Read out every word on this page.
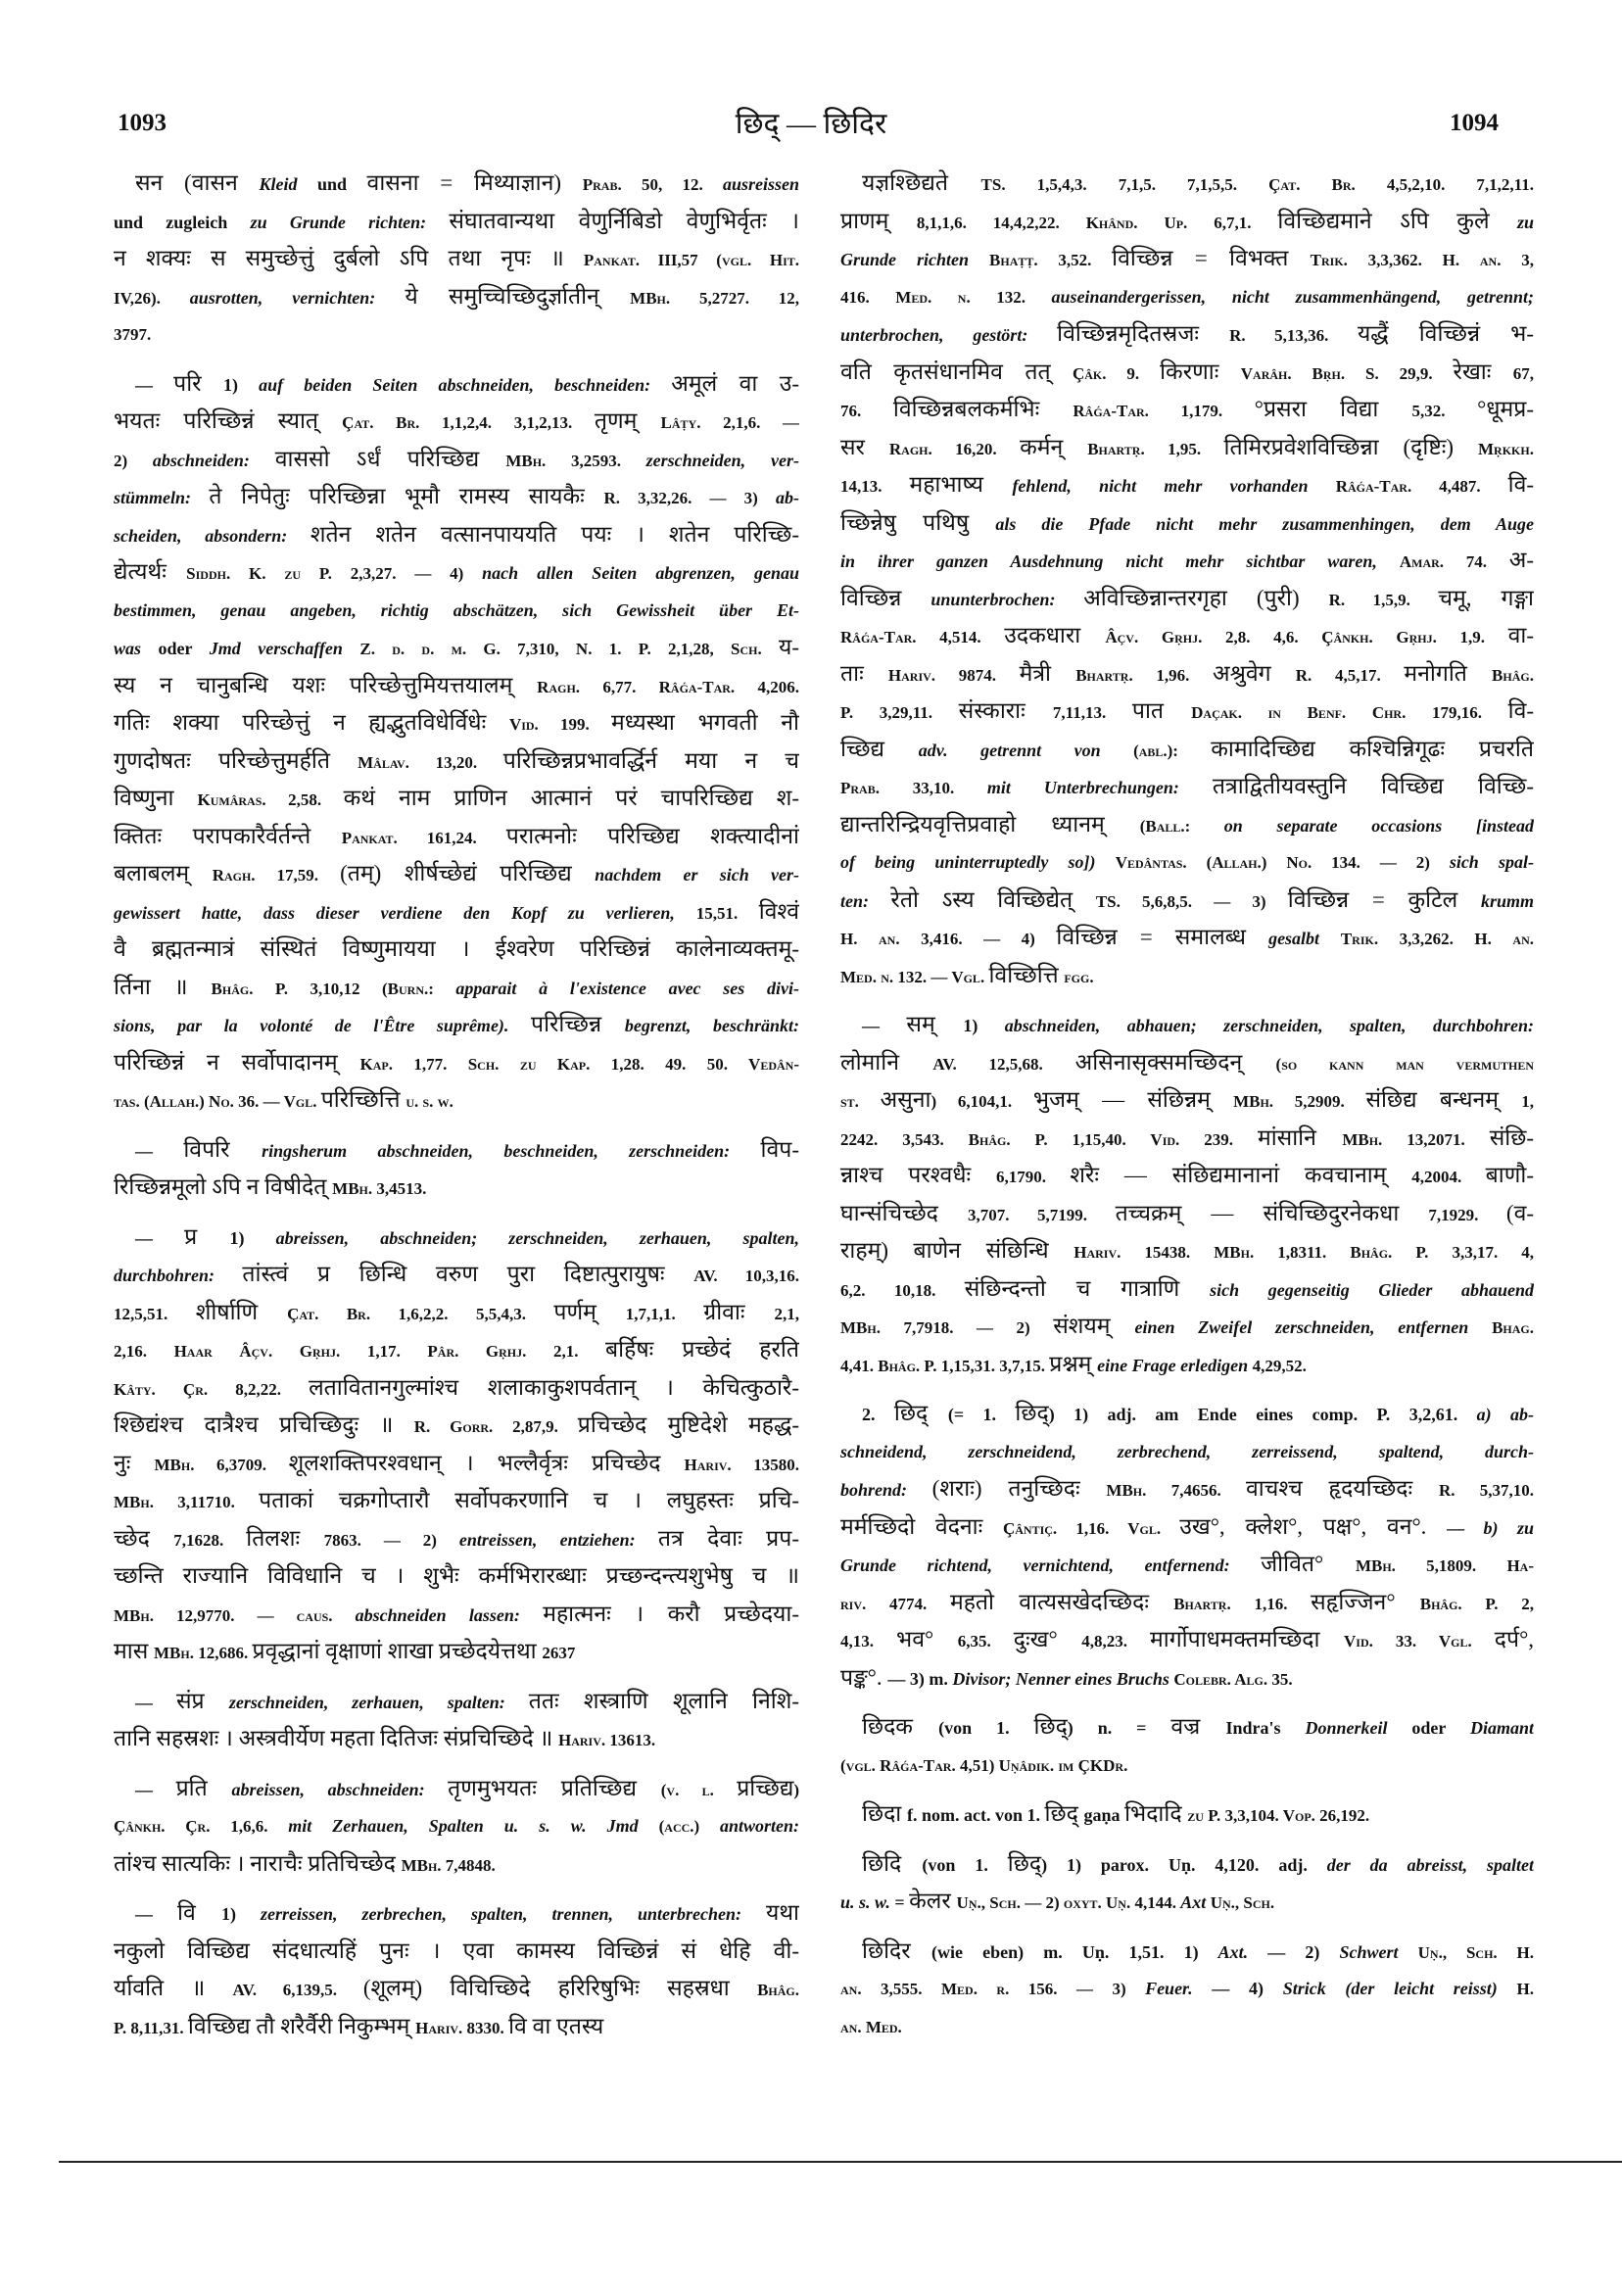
1093	छिद् — छिदिर	1094
सन (वासन Kleid und वासना = मिथ्याज्ञान) Prab. 50, 12. ausreissen
und zugleich zu Grunde richten: संघातवान्यथा वेणुर्निबिडो वेणुभिर्वृतः ।
न शक्यः स समुच्छेत्तुं दुर्बलो ऽपि तथा नृपः ॥ Pankat. III,57 (vgl. Hit.
IV,26). ausrotten, vernichten: ये समुच्चिच्छिदुर्ज्ञातीन् MBh. 5,2727. 12,
3797.
— परि 1) auf beiden Seiten abschneiden, beschneiden: अमूलं वा उ-
भयतः परिच्छिन्नं स्यात् Çat. Br. 1,1,2,4. 3,1,2,13. तृणम् Lâṭy. 2,1,6. —
2) abschneiden: वाससो ऽर्धं परिच्छिद्य MBh. 3,2593. zerschneiden, ver-
stümmeln: ते निपेतुः परिच्छिन्ना भूमौ रामस्य सायकैः R. 3,32,26. — 3) ab-
scheiden, absondern: शतेन शतेन वत्सानपाययति पयः । शतेन परिच्छि-
द्येत्यर्थः Siddh. K. zu P. 2,3,27. — 4) nach allen Seiten abgrenzen, genau
bestimmen, genau angeben, richtig abschätzen, sich Gewissheit über Et-
was oder Jmd verschaffen Z. d. d. m. G. 7,310, N. 1. P. 2,1,28, Sch. य-
स्य न चानुबन्धि यशः परिच्छेत्तुमियत्तयालम् Ragh. 6,77. Râǵa-Tar. 4,206.
गतिः शक्या परिच्छेत्तुं न ह्यद्भुतविधेर्विधेः Vid. 199. मध्यस्था भगवती नौ
गुणदोषतः परिच्छेत्तुमर्हति Mâlav. 13,20. परिच्छिन्नप्रभावर्द्धिर्न मया न च
विष्णुना Kumâras. 2,58. कथं नाम प्राणिन आत्मानं परं चापरिच्छिद्य श-
क्तितः परापकारैर्वर्तन्ते Pankat. 161,24. परात्मनोः परिच्छिद्य शक्त्यादीनां
बलाबलम् Ragh. 17,59. (तम्) शीर्षच्छेद्यं परिच्छिद्य nachdem er sich ver-
gewissert hatte, dass dieser verdiene den Kopf zu verlieren, 15,51. विश्वं
वै ब्रह्मतन्मात्रं संस्थितं विष्णुमायया । ईश्वरेण परिच्छिन्नं कालेनाव्यक्तमू-
र्तिना ॥ Bhâg. P. 3,10,12 (Burn.: apparait à l'existence avec ses divi-
sions, par la volonté de l'Être suprême). परिच्छिन्न begrenzt, beschränkt:
परिच्छिन्नं न सर्वोपादानम् Kap. 1,77. Sch. zu Kap. 1,28. 49. 50. Vedân-
tas. (Allah.) No. 36. — Vgl. परिच्छित्ति u. s. w.
— विपरि ringsherum abschneiden, beschneiden, zerschneiden: विप-
रिच्छिन्नमूलो ऽपि न विषीदेत् MBh. 3,4513.
— प्र 1) abreissen, abschneiden; zerschneiden, zerhauen, spalten,
durchbohren: तांस्त्वं प्र छिन्धि वरुण पुरा दिष्टात्पुरायुषः AV. 10,3,16.
12,5,51. शीर्षाणि Çat. Br. 1,6,2,2. 5,5,4,3. पर्णम् 1,7,1,1. ग्रीवाः 2,1,
2,16. Haar Âçv. Gṛhj. 1,17. Pâr. Gṛhj. 2,1. बर्हिषः प्रच्छेदं हरति
Kâty. Çr. 8,2,22. लतावितानगुल्मांश्च शलाकाकुशपर्वतान् । केचित्कुठारै-
श्छिद्यंश्च दात्रैश्च प्रचिच्छिदुः ॥ R. Gorr. 2,87,9. प्रचिच्छेद मुष्टिदेशे महद्ध-
नुः MBh. 6,3709. शूलशक्तिपरश्वधान् । भल्लैर्वृत्रः प्रचिच्छेद Hariv. 13580.
MBh. 3,11710. पताकां चक्रगोप्तारौ सर्वोपकरणानि च । लघुहस्तः प्रचि-
च्छेद 7,1628. तिलशः 7863. — 2) entreissen, entziehen: तत्र देवाः प्रप-
च्छन्ति राज्यानि विविधानि च । शुभैः कर्मभिरारब्धाः प्रच्छन्दन्त्यशुभेषु च ॥
MBh. 12,9770. — caus. abschneiden lassen: महात्मनः । करौ प्रच्छेदया-
मास MBh. 12,686. प्रवृद्धानां वृक्षाणां शाखा प्रच्छेदयेत्तथा 2637
— संप्र zerschneiden, zerhauen, spalten: ततः शस्त्राणि शूलानि निशि-
तानि सहस्रशः । अस्त्रवीर्येण महता दितिजः संप्रचिच्छिदे ॥ Hariv. 13613.
— प्रति abreissen, abschneiden: तृणमुभयतः प्रतिच्छिद्य (v. l. प्रच्छिद्य)
Çânkh. Çr. 1,6,6. mit Zerhauen, Spalten u. s. w. Jmd (acc.) antworten:
तांश्च सात्यकिः । नाराचैः प्रतिचिच्छेद MBh. 7,4848.
— वि 1) zerreissen, zerbrechen, spalten, trennen, unterbrechen: यथा
नकुलो विच्छिद्य संदधात्यहिं पुनः । एवा कामस्य विच्छिन्नं सं धेहि वी-
र्यावति ॥ AV. 6,139,5. (शूलम्) विचिच्छिदे हरिरिषुभिः सहस्रधा Bhâg.
P. 8,11,31. विच्छिद्य तौ शरैर्वैरी निकुम्भम् Hariv. 8330. वि वा एतस्य
यज्ञश्छिद्यते TS. 1,5,4,3. 7,1,5. 7,1,5,5. Çat. Br. 4,5,2,10. 7,1,2,11.
प्राणम् 8,1,1,6. 14,4,2,22. Khând. Up. 6,7,1. विच्छिद्यमाने ऽपि कुले zu
Grunde richten Bhaṭṭ. 3,52. विच्छिन्न = विभक्त Trik. 3,3,362. H. an. 3,
416. Med. n. 132. auseinandergerissen, nicht zusammenhängend, getrennt;
unterbrochen, gestört: विच्छिन्नमृदितस्रजः R. 5,13,36. यद्धैं विच्छिन्नं भ-
वति कृतसंधानमिव तत् Çâk. 9. किरणाः Varâh. Bṛh. S. 29,9. रेखाः 67,
76. विच्छिन्नबलकर्मभिः Râǵa-Tar. 1,179. °प्रसरा विद्या 5,32. °धूमप्र-
सर Ragh. 16,20. कर्मन् Bhartṛ. 1,95. तिमिरप्रवेशविच्छिन्ना (दृष्टिः) Mṛkkh.
14,13. महाभाष्य fehlend, nicht mehr vorhanden Râǵa-Tar. 4,487. वि-
च्छिन्नेषु पथिषु als die Pfade nicht mehr zusammenhingen, dem Auge
in ihrer ganzen Ausdehnung nicht mehr sichtbar waren, Amar. 74. अ-
विच्छिन्न ununterbrochen: अविच्छिन्नान्तरगृहा (पुरी) R. 1,5,9. चमू, गङ्गा
Râǵa-Tar. 4,514. उदकधारा Âçv. Gṛhj. 2,8. 4,6. Çânkh. Gṛhj. 1,9. वा-
ताः Hariv. 9874. मैत्री Bhartṛ. 1,96. अश्रुवेग R. 4,5,17. मनोगति Bhâg.
P. 3,29,11. संस्काराः 7,11,13. पात Daçak. in Benf. Chr. 179,16. वि-
च्छिद्य adv. getrennt von (abl.): कामादिच्छिद्य कश्चिन्निगूढः प्रचरति
Prab. 33,10. mit Unterbrechungen: तत्राद्वितीयवस्तुनि विच्छिद्य विच्छि-
द्यान्तरिन्द्रियवृत्तिप्रवाहो ध्यानम् (Ball.: on separate occasions [instead
of being uninterruptedly so]) Vedântas. (Allah.) No. 134. — 2) sich spal-
ten: रेतो ऽस्य विच्छिद्येत् TS. 5,6,8,5. — 3) विच्छिन्न = कुटिल krumm
H. an. 3,416. — 4) विच्छिन्न = समालब्ध gesalbt Trik. 3,3,262. H. an.
Med. n. 132. — Vgl. विच्छित्ति fgg.
— सम् 1) abschneiden, abhauen; zerschneiden, spalten, durchbohren:
लोमानि AV. 12,5,68. असिनासृक्समच्छिदन् (so kann man vermuthen
st. असुना) 6,104,1. भुजम् — संछिन्नम् MBh. 5,2909. संछिद्य बन्धनम् 1,
2242. 3,543. Bhâg. P. 1,15,40. Vid. 239. मांसानि MBh. 13,2071. संछि-
न्नाश्च परश्वधैः 6,1790. शरैः — संछिद्यमानानां कवचानाम् 4,2004. बाणौ-
घान्संचिच्छेद 3,707. 5,7199. तच्चक्रम् — संचिच्छिदुरनेकधा 7,1929. (व-
राहम्) बाणेन संछिन्धि Hariv. 15438. MBh. 1,8311. Bhâg. P. 3,3,17. 4,
6,2. 10,18. संछिन्दन्तो च गात्राणि sich gegenseitig Glieder abhauend
MBh. 7,7918. — 2) संशयम् einen Zweifel zerschneiden, entfernen Bhag.
4,41. Bhâg. P. 1,15,31. 3,7,15. प्रश्नम् eine Frage erledigen 4,29,52.
2. छिद् (= 1. छिद्) 1) adj. am Ende eines comp. P. 3,2,61. a) ab-
schneidend, zerschneidend, zerbrechend, zerreissend, spaltend, durch-
bohrend: (शराः) तनुच्छिदः MBh. 7,4656. वाचश्च हृदयच्छिदः R. 5,37,10.
मर्मच्छिदो वेदनाः Çântiç. 1,16. Vgl. उख°, क्लेश°, पक्ष°, वन°. — b) zu
Grunde richtend, vernichtend, entfernend: जीवित° MBh. 5,1809. Ha-
riv. 4774. महतो वात्यसखेदच्छिदः Bhartṛ. 1,16. सहृज्जिन° Bhâg. P. 2,
4,13. भव° 6,35. दुःख° 4,8,23. मार्गोपाधमक्तमच्छिदा Vid. 33. Vgl. दर्प°,
पङ्क°. — 3) m. Divisor; Nenner eines Bruchs Colebr. Alg. 35.
छिदक (von 1. छिद्) n. = वज्र Indra's Donnerkeil oder Diamant
(vgl. Râǵa-Tar. 4,51) Uṇâdik. im ÇKDr.
छिदा f. nom. act. von 1. छिद् gaṇa भिदादि zu P. 3,3,104. Vop. 26,192.
छिदि (von 1. छिद्) 1) parox. Uṇ. 4,120. adj. der da abreisst, spaltet
u. s. w. = केलर Uṇ., Sch. — 2) oxyt. Uṇ. 4,144. Axt Uṇ., Sch.
छिदिर (wie eben) m. Uṇ. 1,51. 1) Axt. — 2) Schwert Uṇ., Sch. H.
an. 3,555. Med. r. 156. — 3) Feuer. — 4) Strick (der leicht reisst) H.
an. Med.
